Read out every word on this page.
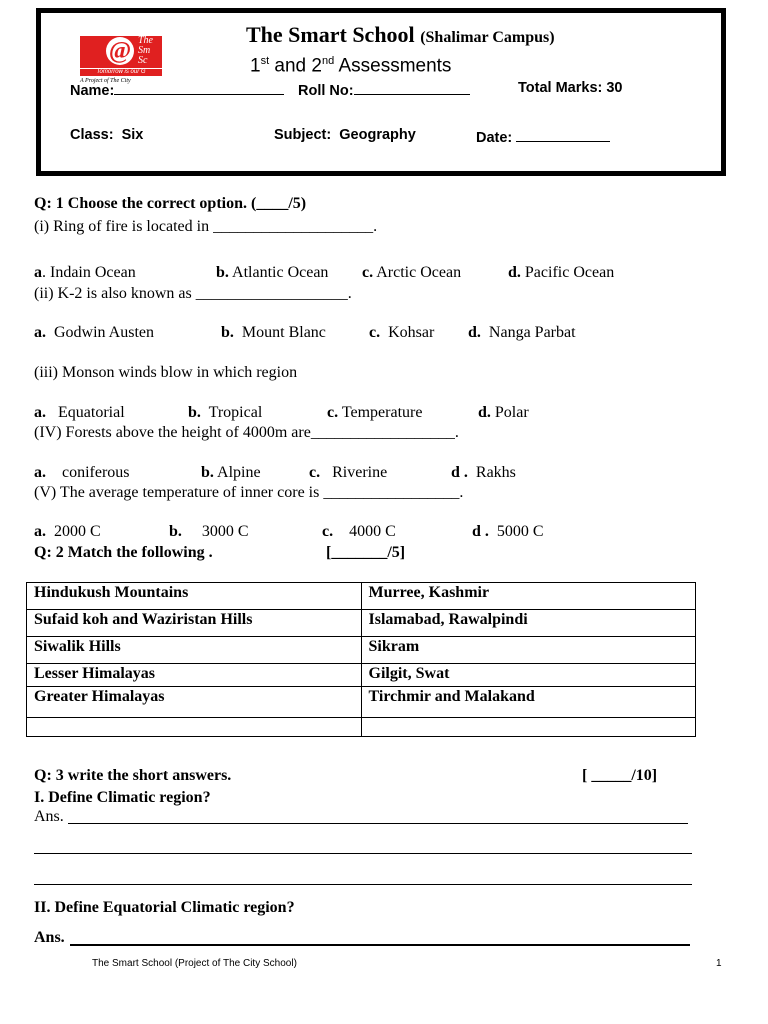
@ The
Sm
Sc
Tomorrow is our G
A Project of The City
The Smart School (Shalimar Campus)
1st and 2nd Assessments
Name:	Roll No:	Total Marks: 30
Class: Six	Subject: Geography	Date:
Q: 1 Choose the correct option. (____/5)
(i) Ring of fire is located in ____________________.
a. Indain Ocean	b. Atlantic Ocean c. Arctic Ocean	d. Pacific Ocean
(ii) K-2 is also known as ___________________.
a. Godwin Austen	b. Mount Blanc	c. Kohsar d. Nanga Parbat
(iii) Monson winds blow in which region
a. Equatorial	b. Tropical	c. Temperature	d. Polar
(IV) Forests above the height of 4000m are__________________.
a. coniferous	b. Alpine	c. Riverine	d . Rakhs
(V) The average temperature of inner core is _________________.
a. 2000 C	b. 3000 C	c. 4000 C	d . 5000 C
Q: 2 Match the following .	[_______/5]
Hindukush Mountains	Murree, Kashmir
Sufaid koh and Waziristan Hills	Islamabad, Rawalpindi
Siwalik Hills	Sikram
Lesser Himalayas	Gilgit, Swat
Greater Himalayas	Tirchmir and Malakand

Q: 3 write the short answers.	[ _____/10]
I. Define Climatic region?
Ans.
II. Define Equatorial Climatic region?
Ans.
The Smart School (Project of The City School)	1
